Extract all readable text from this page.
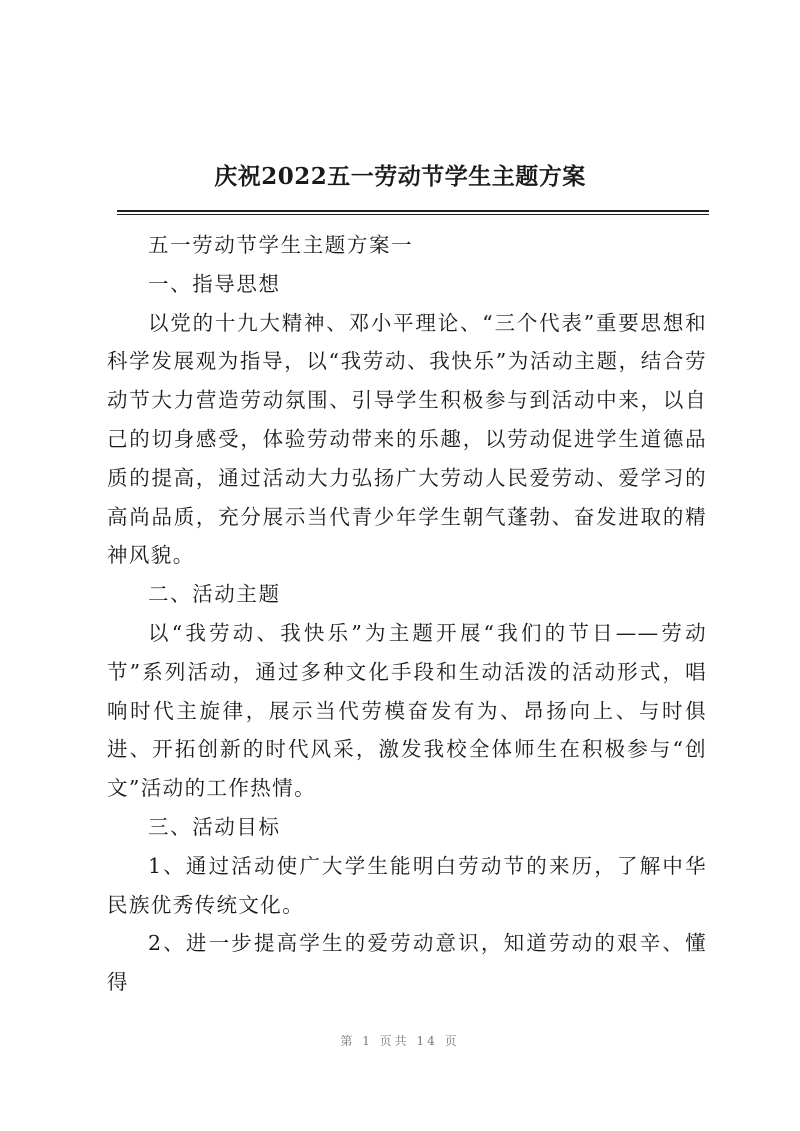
庆祝2022五一劳动节学生主题方案

五一劳动节学生主题方案一

一、指导思想

以党的十九大精神、邓小平理论、“三个代表”重要思想和科学发展观为指导，以“我劳动、我快乐”为活动主题，结合劳动节大力营造劳动氛围、引导学生积极参与到活动中来，以自己的切身感受，体验劳动带来的乐趣，以劳动促进学生道德品质的提高，通过活动大力弘扬广大劳动人民爱劳动、爱学习的高尚品质，充分展示当代青少年学生朝气蓬勃、奋发进取的精神风貌。

二、活动主题

以“我劳动、我快乐”为主题开展“我们的节日——劳动节”系列活动，通过多种文化手段和生动活泼的活动形式，唱响时代主旋律，展示当代劳模奋发有为、昂扬向上、与时俱进、开拓创新的时代风采，激发我校全体师生在积极参与“创文”活动的工作热情。

三、活动目标

1、通过活动使广大学生能明白劳动节的来历，了解中华民族优秀传统文化。

2、进一步提高学生的爱劳动意识，知道劳动的艰辛、懂得

第 1 页共 14 页
